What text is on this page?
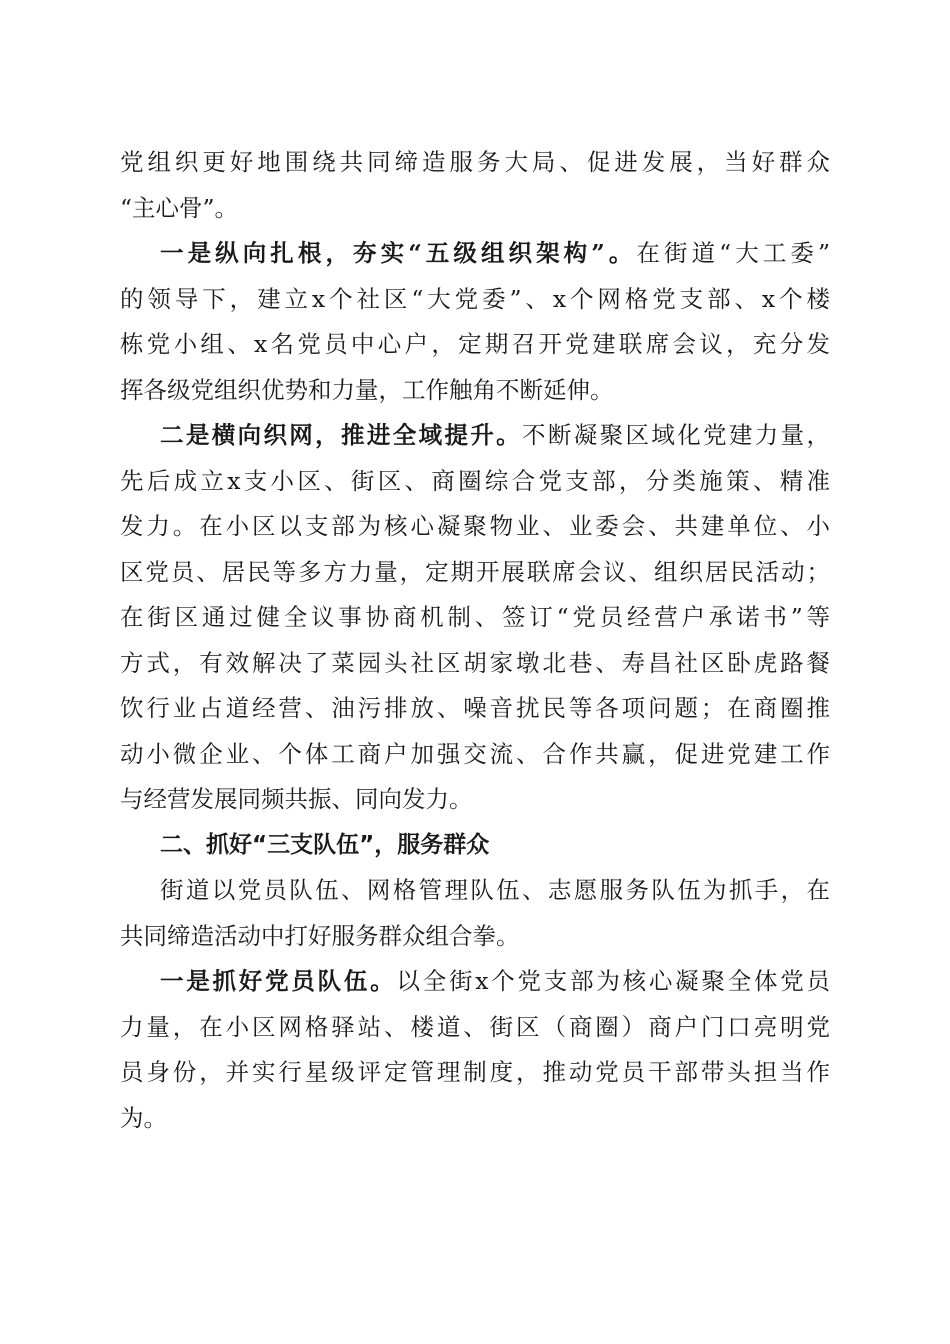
党组织更好地围绕共同缔造服务大局、促进发展，当好群众
“主心骨”。
一是纵向扎根，夯实“五级组织架构”。在街道“大工委”
的领导下，建立x个社区“大党委”、x个网格党支部、x个楼
栋党小组、x名党员中心户，定期召开党建联席会议，充分发
挥各级党组织优势和力量，工作触角不断延伸。
二是横向织网，推进全域提升。不断凝聚区域化党建力量，
先后成立x支小区、街区、商圈综合党支部，分类施策、精准
发力。在小区以支部为核心凝聚物业、业委会、共建单位、小
区党员、居民等多方力量，定期开展联席会议、组织居民活动；
在街区通过健全议事协商机制、签订“党员经营户承诺书”等
方式，有效解决了菜园头社区胡家墩北巷、寿昌社区卧虎路餐
饮行业占道经营、油污排放、噪音扰民等各项问题；在商圈推
动小微企业、个体工商户加强交流、合作共赢，促进党建工作
与经营发展同频共振、同向发力。
二、抓好“三支队伍”，服务群众
街道以党员队伍、网格管理队伍、志愿服务队伍为抓手，在
共同缔造活动中打好服务群众组合拳。
一是抓好党员队伍。以全街x个党支部为核心凝聚全体党员
力量，在小区网格驿站、楼道、街区（商圈）商户门口亮明党
员身份，并实行星级评定管理制度，推动党员干部带头担当作
为。
